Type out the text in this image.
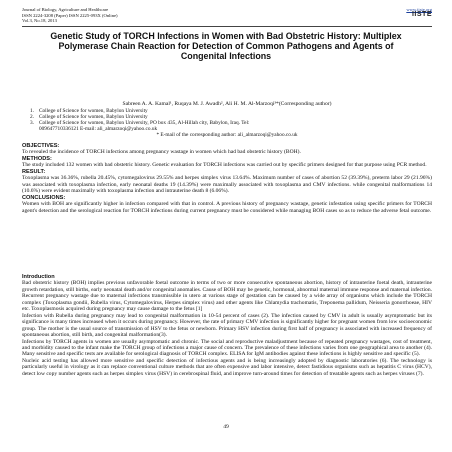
Journal of Biology, Agriculture and Healthcare
ISSN 2224-3208 (Paper) ISSN 2225-093X (Online)
Vol.3, No.18, 2013
www.iiste.org
IISTE
Genetic Study of TORCH Infections in Women with Bad Obstetric History: Multiplex Polymerase Chain Reaction for Detection of Common Pathogens and Agents of Congenital Infections
Sabreen A. A. Kamal¹, Ruqaya M. J. Awadh², Ali H. M. Al-Marzoqi³*(Corresponding author)
1. College of Science for women, Babylon University
2. College of Science for women, Babylon University
3. College of Science for women, Babylon University, PO box 435, Al-Hillah city, Babylon, Iraq. Tel:
009647710336121 E-mail: ali_almarzoqi@yahoo.co.uk
* E-mail of the corresponding author: ali_almarzoqi@yahoo.co.uk
OBJECTIVES:

To revealed the incidence of TORCH infections among pregnancy wastage in women which had bad obstetric history (BOH).

METHODS:

The study included 132 women with bad obstetric history. Genetic evaluation for TORCH infections was carried out by specific primers designed for that purpose using PCR method.

RESULT:

Toxoplasma was 36.36%, rubella 20.45%, cytomegalovirus 29.55% and herpes simplex virus 13.64%. Maximum number of cases of abortion 52 (39.39%), preterm labor 29 (21.96%) was associated with toxoplasma infection, early neonatal deaths 19 (14.39%) were maximally associated with toxoplasma and CMV infections. while congenital malformations 14 (10.6%) were evident maximally with toxoplasma infection and intrauterine death 8 (6.06%).

CONCLUSIONS:

Women with BOH are significantly higher in infection compared with that in control. A previous history of pregnancy wastage, genetic infestation using specific primers for TORCH agent's detection and the serological reaction for TORCH infections during current pregnancy must be considered while managing BOH cases so as to reduce the adverse fetal outcome.

Introduction

Bad obstetric history (BOH) implies previous unfavorable foetal outcome in terms of two or more consecutive spontaneous abortion, history of intrauterine foetal death, intrauterine growth retardation, still births, early neonatal death and/or congenital anomalies. Cause of BOH may be genetic, hormonal, abnormal maternal immune response and maternal infection. Recurrent pregnancy wastage due to maternal infections transmissible in utero at various stage of gestation can be caused by a wide array of organisms which include the TORCH complex (Toxoplasma gondii, Rubella virus, Cytomegalovirus, Herpes simplex virus) and other agents like Chlamydia trachomatis, Treponema pallidum, Neisseria gonorrhoeae, HIV etc. Toxoplasmosis acquired during pregnancy may cause damage to the fetus [1]

Infection with Rubella during pregnancy may lead to congenital malformation in 10-54 percent of cases (2). The infection caused by CMV in adult is usually asymptomatic but its significance is many times increased when it occurs during pregnancy. However, the rate of primary CMV infection is significantly higher for pregnant women from low socioeconomic group. The mother is the usual source of transmission of HSV to the fetus or newborn. Primary HSV infection during first half of pregnancy is associated with increased frequency of spontaneous abortion, still birth, and congenital malformation(3).

Infections by TORCH agents in women are usually asymptomatic and chronic. The social and reproductive maladjustment because of repeated pregnancy wastages, cost of treatment, and morbidity caused to the infant make the TORCH group of infections a major cause of concern. The prevalence of these infections varies from one geographical area to another (4). Many sensitive and specific tests are available for serological diagnosis of TORCH complex. ELISA for IgM antibodies against these infections is highly sensitive and specific (5).

Nucleic acid testing has allowed more sensitive and specific detection of infectious agents and is being increasingly adopted by diagnostic laboratories (6). The technology is particularly useful in virology as it can replace conventional culture methods that are often expensive and labor intensive, detect fastidious organisms such as hepatitis C virus (HCV), detect low copy number agents such as herpes simplex virus (HSV) in cerebrospinal fluid, and improve turn-around times for detection of treatable agents such as herpes viruses (7).

49
